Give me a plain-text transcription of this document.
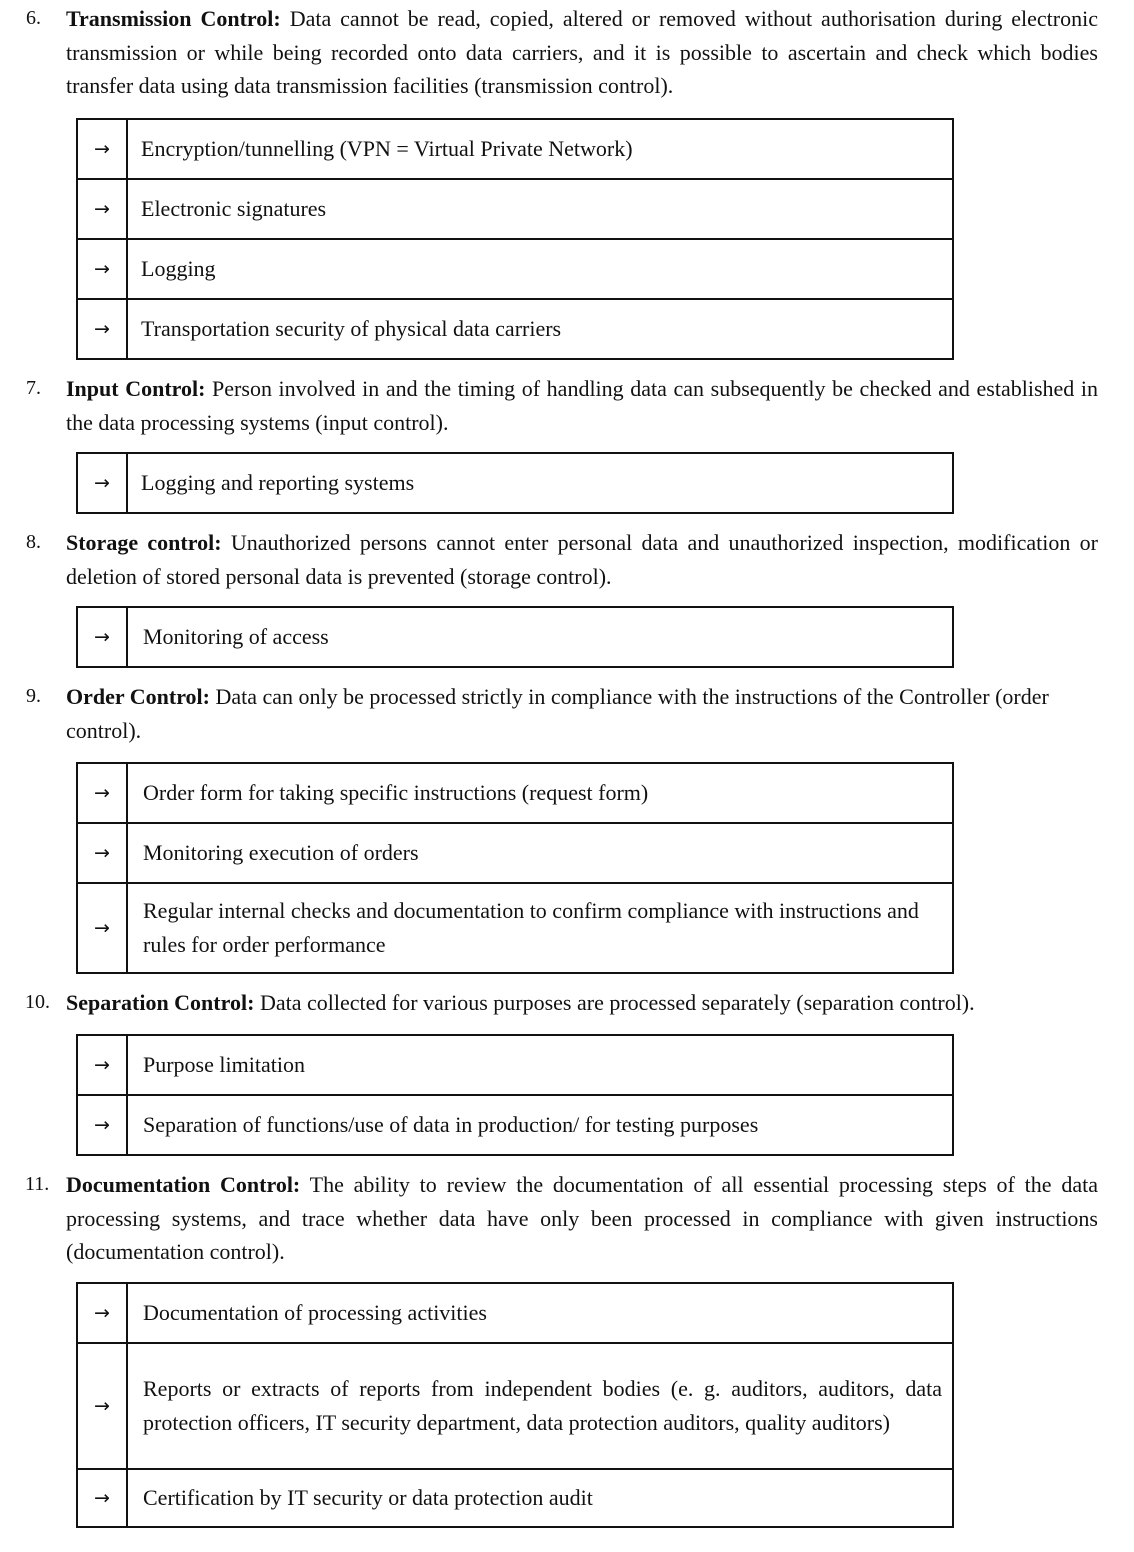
6. Transmission Control: Data cannot be read, copied, altered or removed without authorisation during electronic transmission or while being recorded onto data carriers, and it is possible to ascertain and check which bodies transfer data using data transmission facilities (transmission control).

→	Encryption/tunnelling (VPN = Virtual Private Network)
→	Electronic signatures
→	Logging
→	Transportation security of physical data carriers
7. Input Control: Person involved in and the timing of handling data can subsequently be checked and established in the data processing systems (input control).

→	Logging and reporting systems
8. Storage control: Unauthorized persons cannot enter personal data and unauthorized inspection, modification or deletion of stored personal data is prevented (storage control).

→	Monitoring of access
9. Order Control: Data can only be processed strictly in compliance with the instructions of the Controller (order control).

→	Order form for taking specific instructions (request form)
→	Monitoring execution of orders
→	Regular internal checks and documentation to confirm compliance with instructions and rules for order performance
10. Separation Control: Data collected for various purposes are processed separately (separation control).

→	Purpose limitation
→	Separation of functions/use of data in production/ for testing purposes
11. Documentation Control: The ability to review the documentation of all essential processing steps of the data processing systems, and trace whether data have only been processed in compliance with given instructions (documentation control).

→	Documentation of processing activities
→	Reports or extracts of reports from independent bodies (e. g. auditors, auditors, data protection officers, IT security department, data protection auditors, quality auditors)
→	Certification by IT security or data protection audit
